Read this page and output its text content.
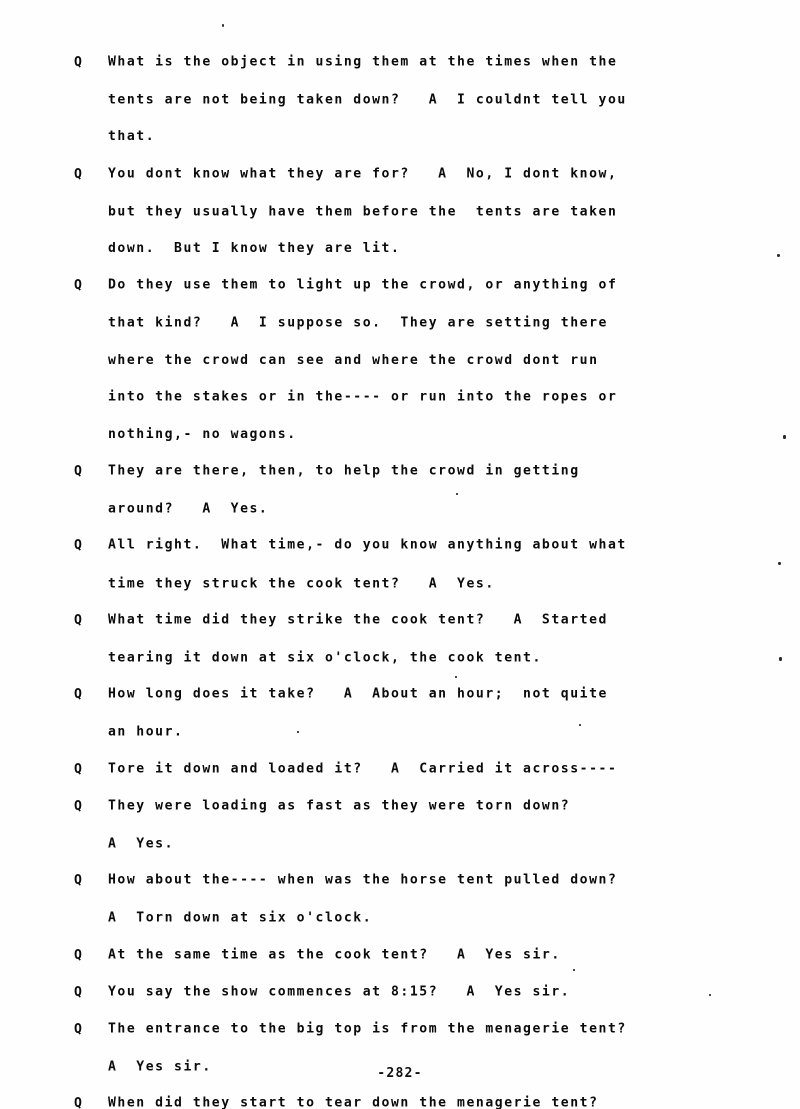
Q	What is the object in using them at the times when the
tents are not being taken down?   A  I couldnt tell you
that.
Q	You dont know what they are for?   A  No, I dont know,
but they usually have them before the  tents are taken
down.  But I know they are lit.
Q	Do they use them to light up the crowd, or anything of
that kind?   A  I suppose so.  They are setting there
where the crowd can see and where the crowd dont run
into the stakes or in the---- or run into the ropes or
nothing,- no wagons.
Q	They are there, then, to help the crowd in getting
around?   A  Yes.
Q	All right.  What time,- do you know anything about what
time they struck the cook tent?   A  Yes.
Q	What time did they strike the cook tent?   A  Started
tearing it down at six o'clock, the cook tent.
Q	How long does it take?   A  About an hour;  not quite
an hour.
Q	Tore it down and loaded it?   A  Carried it across----
Q	They were loading as fast as they were torn down?
A  Yes.
Q	How about the---- when was the horse tent pulled down?
A  Torn down at six o'clock.
Q	At the same time as the cook tent?   A  Yes sir.
Q	You say the show commences at 8:15?   A  Yes sir.
Q	The entrance to the big top is from the menagerie tent?
A  Yes sir.
Q	When did they start to tear down the menagerie tent?
-282-
